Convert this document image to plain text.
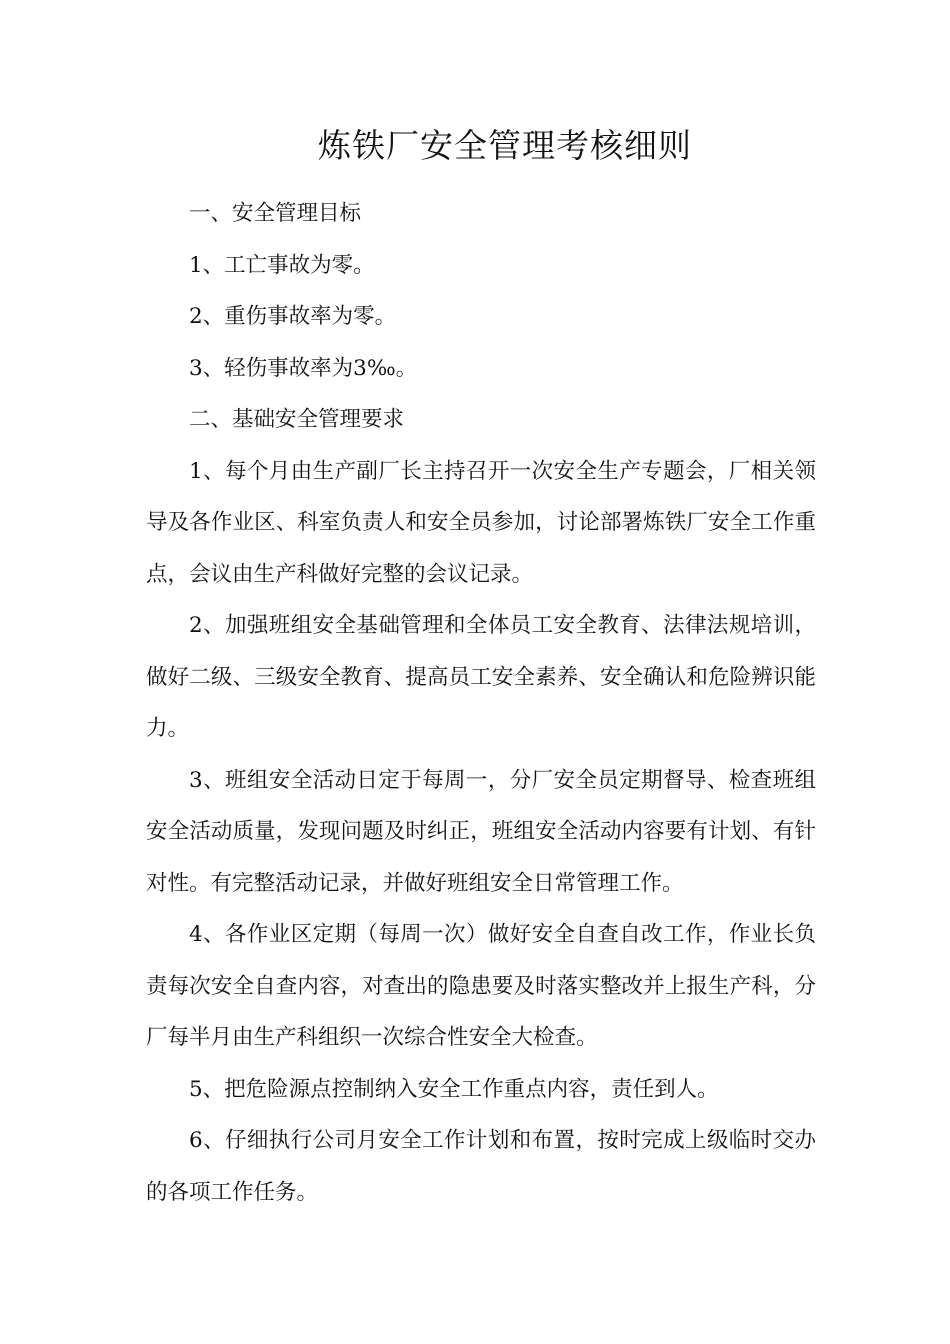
炼铁厂安全管理考核细则

一、安全管理目标

1、工亡事故为零。

2、重伤事故率为零。

3、轻伤事故率为3‰。

二、基础安全管理要求

1、每个月由生产副厂长主持召开一次安全生产专题会，厂相关领导及各作业区、科室负责人和安全员参加，讨论部署炼铁厂安全工作重点，会议由生产科做好完整的会议记录。

2、加强班组安全基础管理和全体员工安全教育、法律法规培训，做好二级、三级安全教育、提高员工安全素养、安全确认和危险辨识能力。

3、班组安全活动日定于每周一，分厂安全员定期督导、检查班组安全活动质量，发现问题及时纠正，班组安全活动内容要有计划、有针对性。有完整活动记录，并做好班组安全日常管理工作。

4、各作业区定期（每周一次）做好安全自查自改工作，作业长负责每次安全自查内容，对查出的隐患要及时落实整改并上报生产科，分厂每半月由生产科组织一次综合性安全大检查。

5、把危险源点控制纳入安全工作重点内容，责任到人。

6、仔细执行公司月安全工作计划和布置，按时完成上级临时交办的各项工作任务。
